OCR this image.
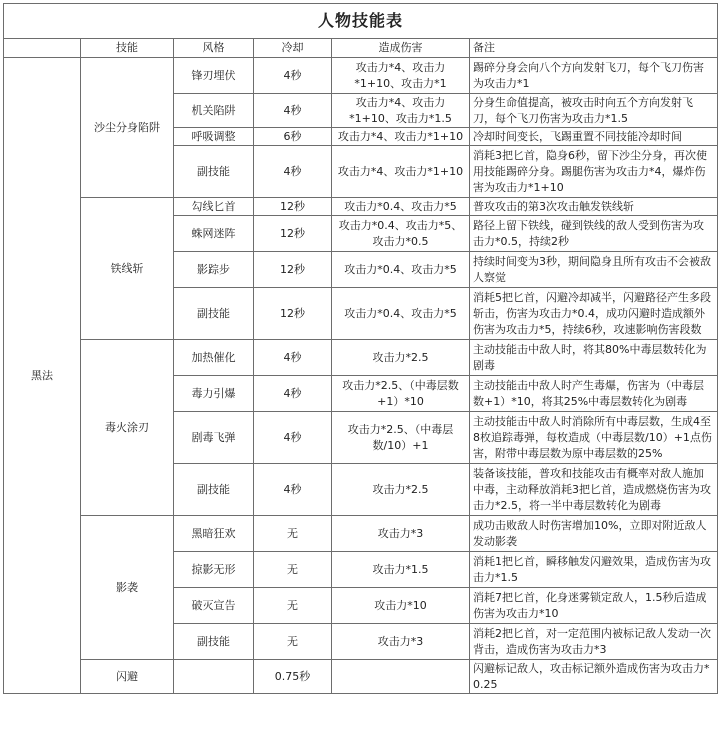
人物技能表					
	技能	风格	冷却	造成伤害	备注
黑法	沙尘分身陷阱	锋刃埋伏	4秒	攻击力*4、攻击力*1+10、攻击力*1	踢碎分身会向八个方向发射飞刀，每个飞刀伤害为攻击力*1
		机关陷阱	4秒	攻击力*4、攻击力*1+10、攻击力*1.5	分身生命值提高，被攻击时向五个方向发射飞刀，每个飞刀伤害为攻击力*1.5
		呼吸调整	6秒	攻击力*4、攻击力*1+10	冷却时间变长，飞踢重置不同技能冷却时间
		副技能	4秒	攻击力*4、攻击力*1+10	消耗3把匕首，隐身6秒，留下沙尘分身，再次使用技能踢碎分身。踢腿伤害为攻击力*4，爆炸伤害为攻击力*1+10
	铁线斩	勾线匕首	12秒	攻击力*0.4、攻击力*5	普攻攻击的第3次攻击触发铁线斩
		蛛网迷阵	12秒	攻击力*0.4、攻击力*5、攻击力*0.5	路径上留下铁线，碰到铁线的敌人受到伤害为攻击力*0.5，持续2秒
		影踪步	12秒	攻击力*0.4、攻击力*5	持续时间变为3秒，期间隐身且所有攻击不会被敌人察觉
		副技能	12秒	攻击力*0.4、攻击力*5	消耗5把匕首，闪避冷却减半，闪避路径产生多段斩击，伤害为攻击力*0.4，成功闪避时造成额外伤害为攻击力*5，持续6秒，攻速影响伤害段数
	毒火涂刃	加热催化	4秒	攻击力*2.5	主动技能击中敌人时，将其80%中毒层数转化为剧毒
		毒力引爆	4秒	攻击力*2.5、（中毒层数+1）*10	主动技能击中敌人时产生毒爆，伤害为（中毒层数+1）*10，将其25%中毒层数转化为剧毒
		剧毒飞弹	4秒	攻击力*2.5、（中毒层数/10）+1	主动技能击中敌人时消除所有中毒层数，生成4至8枚追踪毒弹，每枚造成（中毒层数/10）+1点伤害，附带中毒层数为原中毒层数的25%
		副技能	4秒	攻击力*2.5	装备该技能，普攻和技能攻击有概率对敌人施加中毒，主动释放消耗3把匕首，造成燃烧伤害为攻击力*2.5，将一半中毒层数转化为剧毒
	影袭	黑暗狂欢	无	攻击力*3	成功击败敌人时伤害增加10%，立即对附近敌人发动影袭
		掠影无形	无	攻击力*1.5	消耗1把匕首，瞬移触发闪避效果，造成伤害为攻击力*1.5
		破灭宣告	无	攻击力*10	消耗7把匕首，化身迷雾锁定敌人，1.5秒后造成伤害为攻击力*10
		副技能	无	攻击力*3	消耗2把匕首，对一定范围内被标记敌人发动一次背击，造成伤害为攻击力*3
	闪避		0.75秒		闪避标记敌人，攻击标记额外造成伤害为攻击力*0.25
